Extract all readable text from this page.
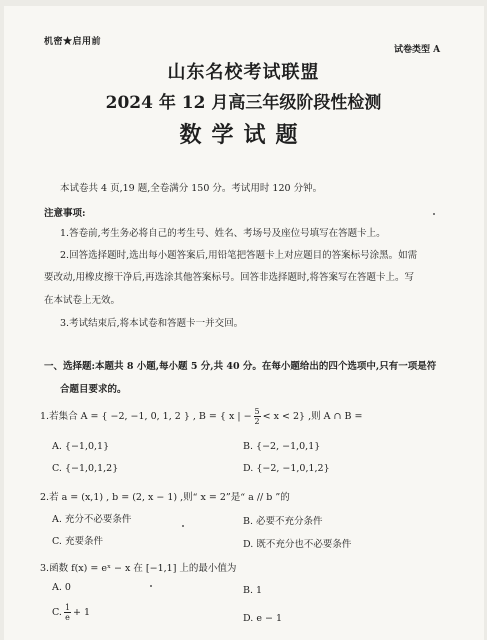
机密★启用前
试卷类型 A
山东名校考试联盟
2024 年 12 月高三年级阶段性检测
数学试题
本试卷共 4 页,19 题,全卷满分 150 分。考试用时 120 分钟。
注意事项:
1.答卷前,考生务必将自己的考生号、姓名、考场号及座位号填写在答题卡上。
2.回答选择题时,选出每小题答案后,用铅笔把答题卡上对应题目的答案标号涂黑。如需
要改动,用橡皮擦干净后,再选涂其他答案标号。回答非选择题时,将答案写在答题卡上。写
在本试卷上无效。
3.考试结束后,将本试卷和答题卡一并交回。
一、选择题:本题共 8 小题,每小题 5 分,共 40 分。在每小题给出的四个选项中,只有一项是符
合题目要求的。
1.若集合 A = { −2, −1, 0, 1, 2 } , B = { x | − $\frac{5}{2} < x < 2$} ,则 A ∩ B =
A. {−1,0,1}	B. {−2, −1,0,1}
C. {−1,0,1,2}	D. {−2, −1,0,1,2}
2.若 a = (x,1) , b = (2, x − 1) ,则“ x = 2”是“ a // b ”的
A. 充分不必要条件	B. 必要不充分条件
C. 充要条件	D. 既不充分也不必要条件
3.函数 f(x) = eˣ − x 在 [−1,1] 上的最小值为
A. 0	B. 1
C. $\frac{1}{e} + 1$
D. e − 1
